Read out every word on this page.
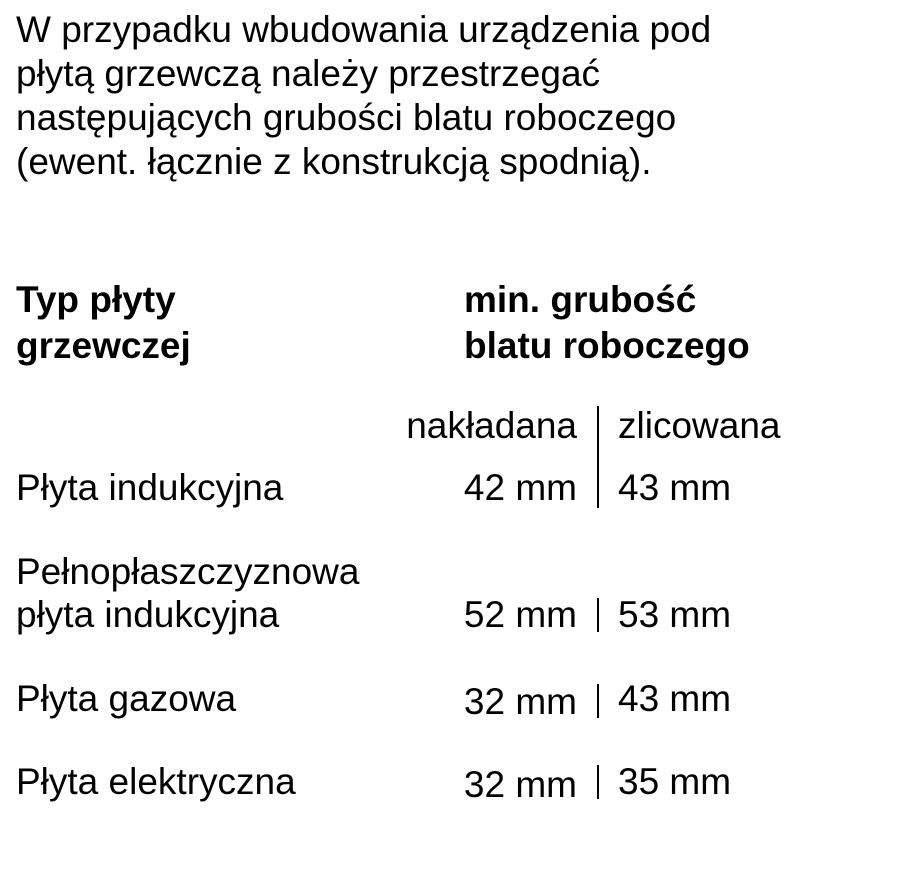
W przypadku wbudowania urządzenia pod
płytą grzewczą należy przestrzegać
następujących grubości blatu roboczego
(ewent. łącznie z konstrukcją spodnią).
Typ płyty
grzewczej
min. grubość
blatu roboczego
nakładana zlicowana
Płyta indukcyjna	42 mm 43 mm
Pełnopłaszczyznowa
płyta indukcyjna	52 mm 53 mm
Płyta gazowa	32 mm 43 mm
Płyta elektryczna	32 mm 35 mm
